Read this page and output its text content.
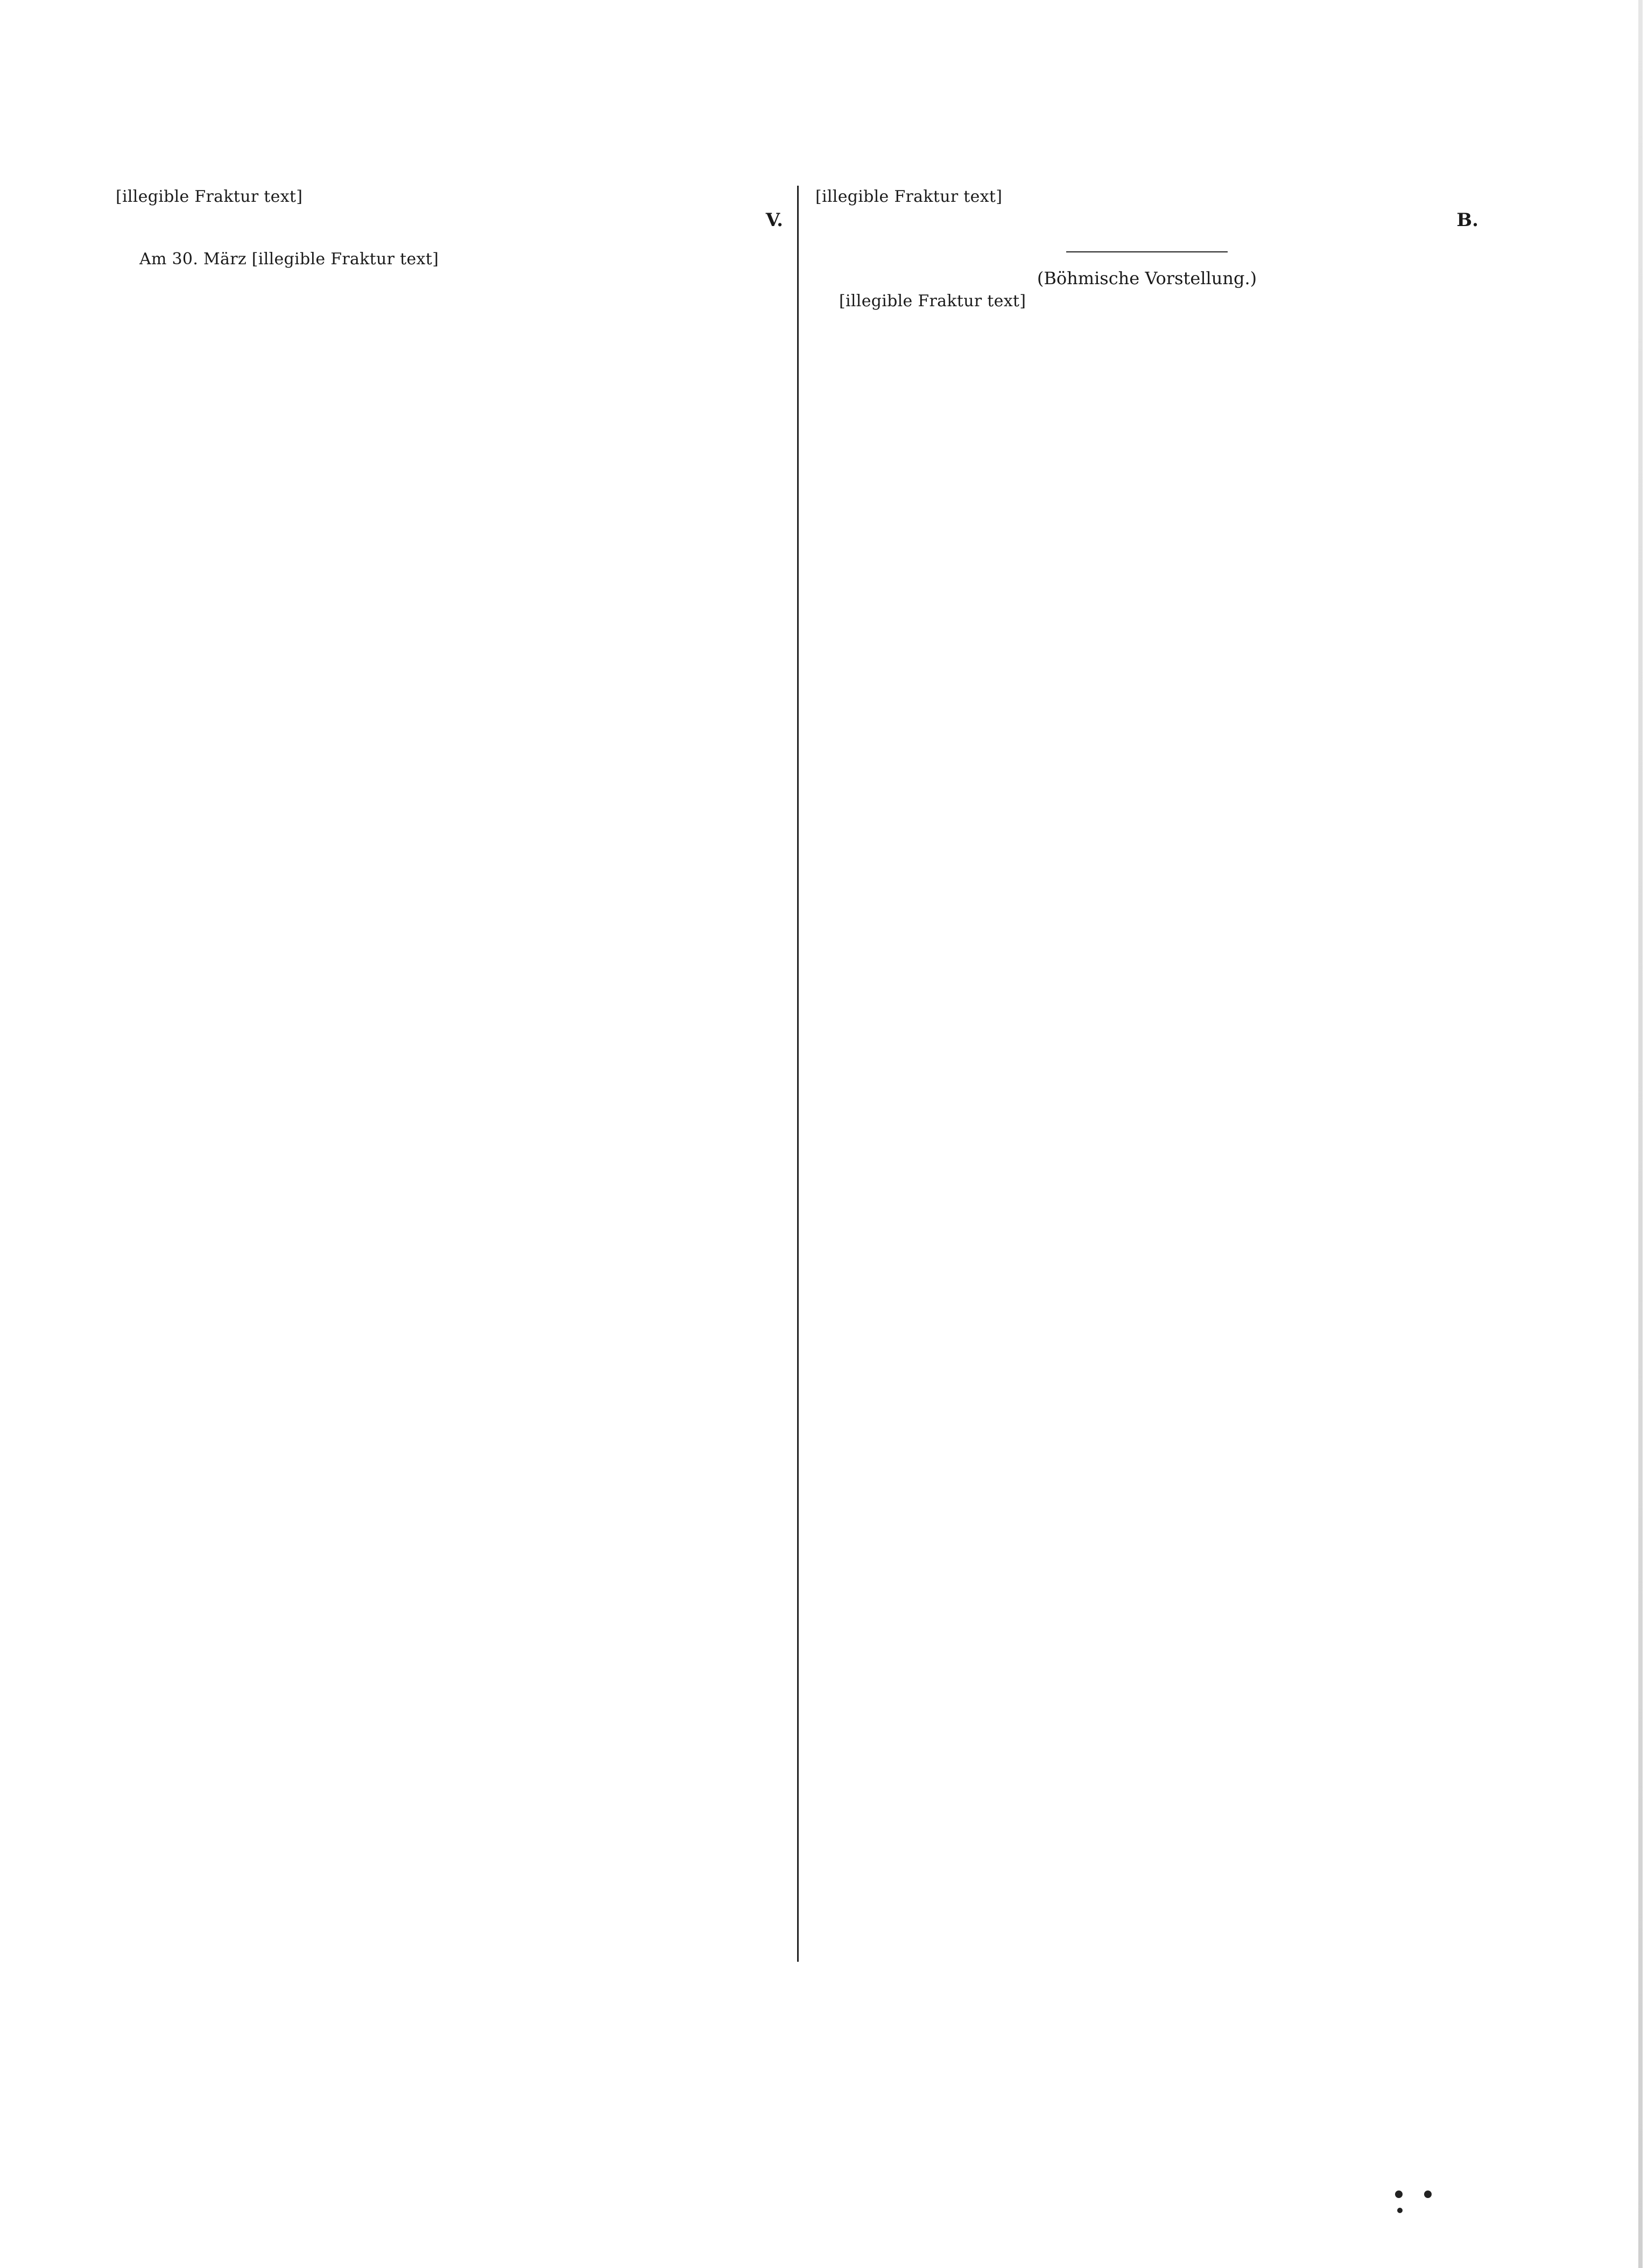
[illegible Fraktur text]

V.

Am 30. März [illegible Fraktur text]
[illegible Fraktur text]

B.

(Böhmische Vorstellung.)

[illegible Fraktur text]
